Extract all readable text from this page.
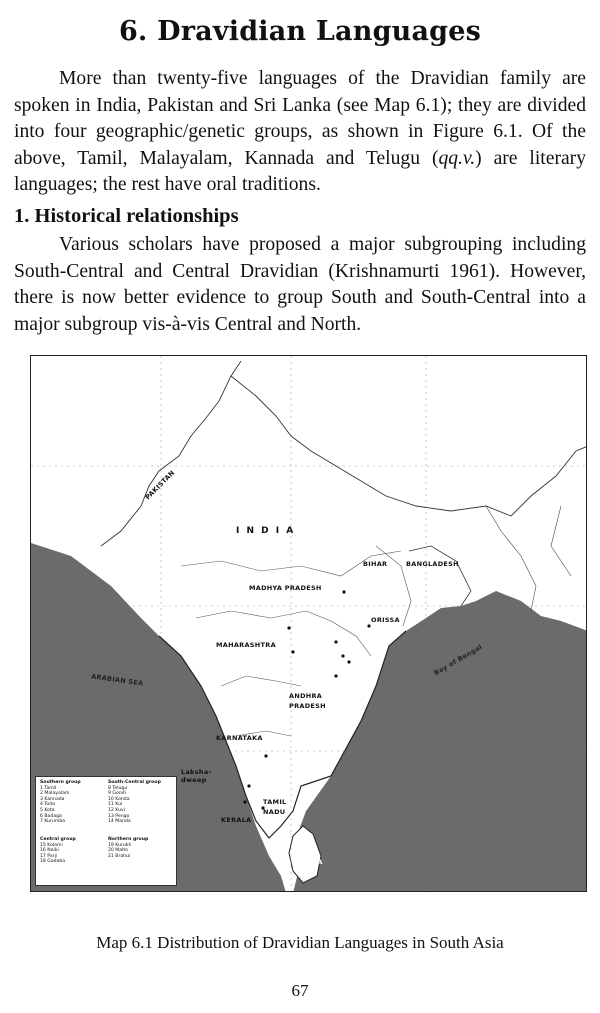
6. Dravidian Languages

More than twenty-five languages of the Dravidian family are spoken in India, Pakistan and Sri Lanka (see Map 6.1); they are divided into four geographic/genetic groups, as shown in Figure 6.1. Of the above, Tamil, Malayalam, Kannada and Telugu (qq.v.) are literary languages; the rest have oral traditions.

1. Historical relationships

Various scholars have proposed a major subgrouping including South-Central and Central Dravidian (Krishnamurti 1961). However, there is now better evidence to group South and South-Central into a major subgroup vis-à-vis Central and North.

PAKISTAN
I N D I A
BIHAR	BANGLADESH
MADHYA PRADESH
ORISSA
MAHARASHTRA
ARABIAN SEA
Bay of Bengal
ANDHRA
PRADESH
KARNATAKA
Laksha-
dweep
TAMIL
NADU
KERALA
SRI LANKA
Southern group
1 Tamil
2 Malayalam
3 Kannada
4 Toda
5 Kota
6 Badaga
7 Kurumba
South-Central group
8 Telugu
9 Gondi
10 Konda
11 Kui
12 Kuvi
13 Pengo
14 Manda
Central group
15 Kolami
16 Naiki
17 Parji
18 Gadaba
Northern group
19 Kurukh
20 Malto
21 Brahui

Map 6.1 Distribution of Dravidian Languages in South Asia

67
